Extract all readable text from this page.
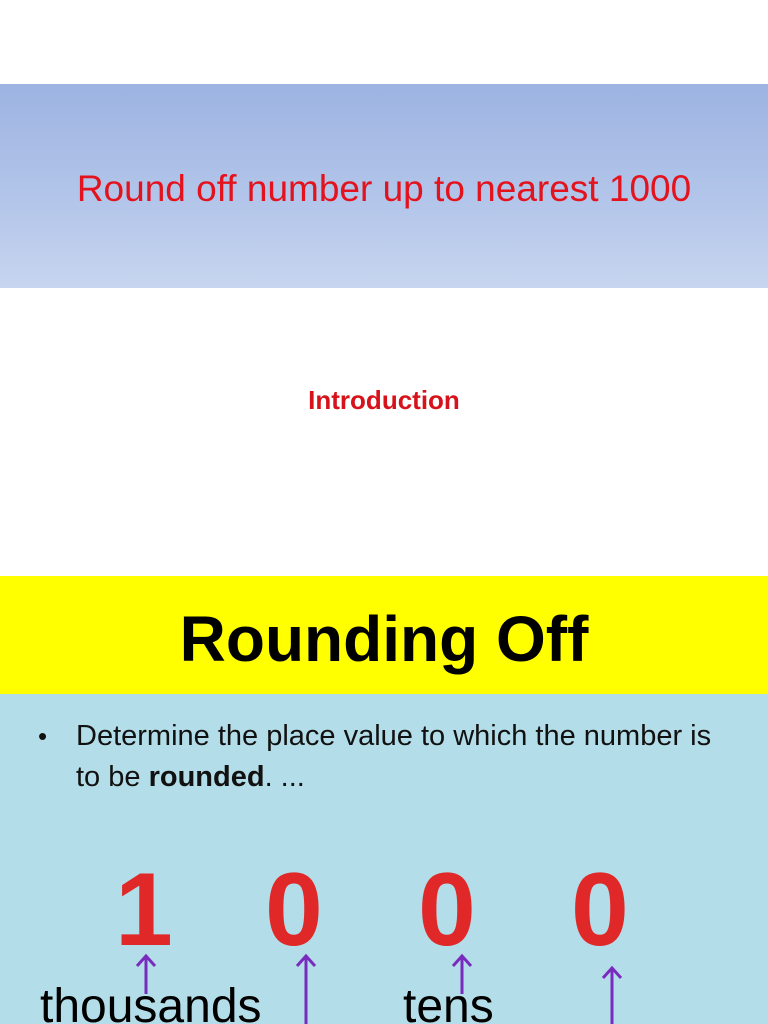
Round off number up to nearest 1000
Introduction
Rounding Off
• Determine the place value to which the number is to be rounded. ...
1 0 0 0
thousands	tens
